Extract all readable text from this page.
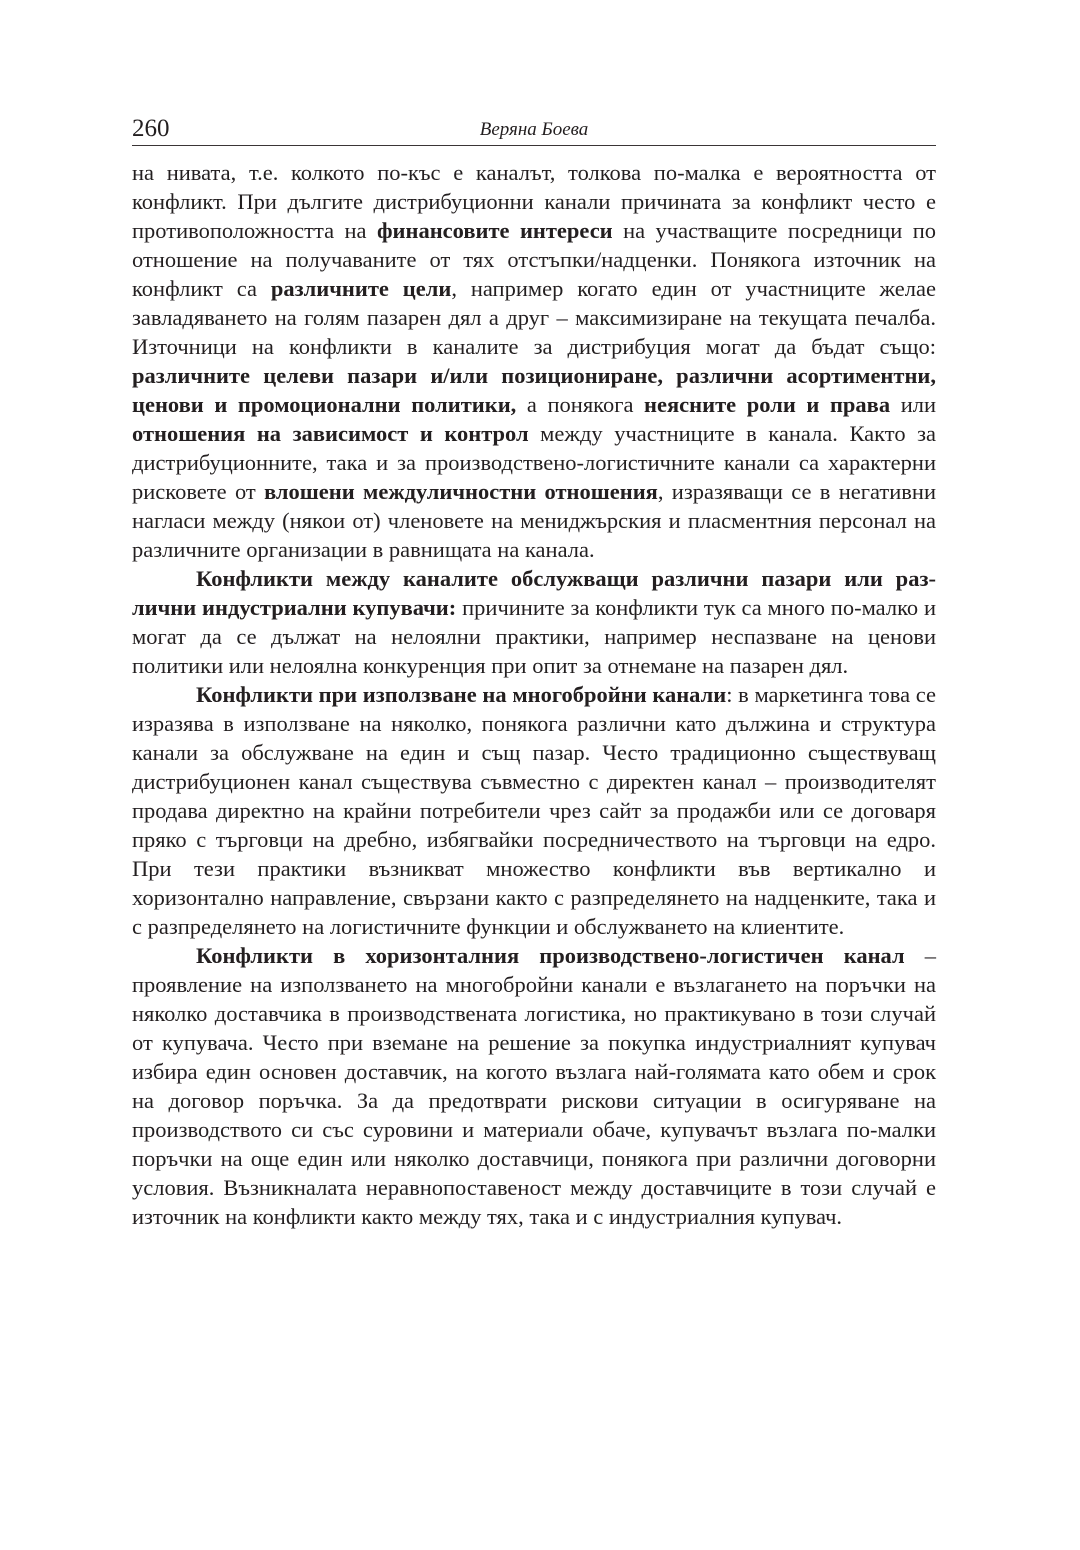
260	Веряна Боева

на нивата, т.е. колкото по-къс е каналът, толкова по-малка е вероятността от конфликт. При дългите дистрибуционни канали причината за конфликт често е противоположността на финансовите интереси на участващите посредници по отношение на получаваните от тях отстъпки/надценки. Понякога източник на конфликт са различните цели, например когато един от участниците желае завладяването на голям пазарен дял а друг – максимизиране на текущата печалба. Източници на конфликти в каналите за дистрибуция могат да бъдат също: различните целеви пазари и/или позициониране, различни асортиментни, ценови и промоционални политики, а понякога неясните роли и права или отношения на зависимост и контрол между участниците в канала. Както за дистрибуционните, така и за производствено-логистичните канали са характерни рисковете от влошени междуличностни отношения, изразяващи се в негативни нагласи между (някои от) членовете на мениджърския и пласментния персонал на различните организации в равнищата на канала.

Конфликти между каналите обслужващи различни пазари или различни индустриални купувачи: причините за конфликти тук са много по-малко и могат да се дължат на нелоялни практики, например неспазване на ценови политики или нелоялна конкуренция при опит за отнемане на пазарен дял.

Конфликти при използване на многобройни канали: в маркетинга това се изразява в използване на няколко, понякога различни като дължина и структура канали за обслужване на един и същ пазар. Често традиционно съществуващ дистрибуционен канал съществува съвместно с директен канал – производителят продава директно на крайни потребители чрез сайт за продажби или се договаря пряко с търговци на дребно, избягвайки посредничеството на търговци на едро. При тези практики възникват множество конфликти във вертикално и хоризонтално направление, свързани както с разпределянето на надценките, така и с разпределянето на логистичните функции и обслужването на клиентите.

Конфликти в хоризонталния производствено-логистичен канал – проявление на използването на многобройни канали е възлагането на поръчки на няколко доставчика в производствената логистика, но практикувано в този случай от купувача. Често при вземане на решение за покупка индустриалният купувач избира един основен доставчик, на когото възлага най-голямата като обем и срок на договор поръчка. За да предотврати рискови ситуации в осигуряване на производството си със суровини и материали обаче, купувачът възлага по-малки поръчки на още един или няколко доставчици, понякога при различни договорни условия. Възникналата неравнопоставеност между доставчиците в този случай е източник на конфликти както между тях, така и с индустриалния купувач.
